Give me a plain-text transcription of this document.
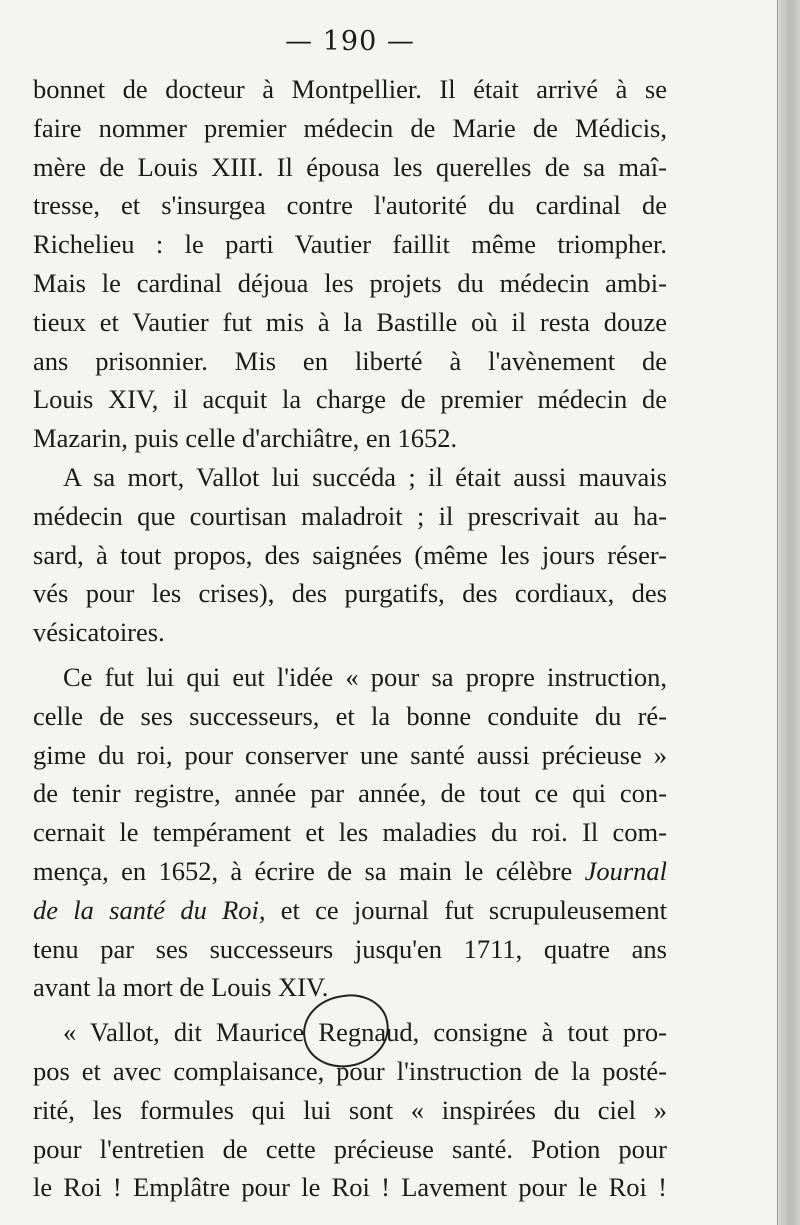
— 190 —
bonnet de docteur à Montpellier. Il était arrivé à se
faire nommer premier médecin de Marie de Médicis,
mère de Louis XIII. Il épousa les querelles de sa maî-
tresse, et s'insurgea contre l'autorité du cardinal de
Richelieu : le parti Vautier faillit même triompher.
Mais le cardinal déjoua les projets du médecin ambi-
tieux et Vautier fut mis à la Bastille où il resta douze
ans prisonnier. Mis en liberté à l'avènement de
Louis XIV, il acquit la charge de premier médecin de
Mazarin, puis celle d'archiâtre, en 1652.
A sa mort, Vallot lui succéda ; il était aussi mauvais
médecin que courtisan maladroit ; il prescrivait au ha-
sard, à tout propos, des saignées (même les jours réser-
vés pour les crises), des purgatifs, des cordiaux, des
vésicatoires.
Ce fut lui qui eut l'idée « pour sa propre instruction,
celle de ses successeurs, et la bonne conduite du ré-
gime du roi, pour conserver une santé aussi précieuse »
de tenir registre, année par année, de tout ce qui con-
cernait le tempérament et les maladies du roi. Il com-
mença, en 1652, à écrire de sa main le célèbre Journal
de la santé du Roi, et ce journal fut scrupuleusement
tenu par ses successeurs jusqu'en 1711, quatre ans
avant la mort de Louis XIV.
« Vallot, dit Maurice Regnaud, consigne à tout pro-
pos et avec complaisance, pour l'instruction de la posté-
rité, les formules qui lui sont « inspirées du ciel »
pour l'entretien de cette précieuse santé. Potion pour
le Roi ! Emplâtre pour le Roi ! Lavement pour le Roi !
